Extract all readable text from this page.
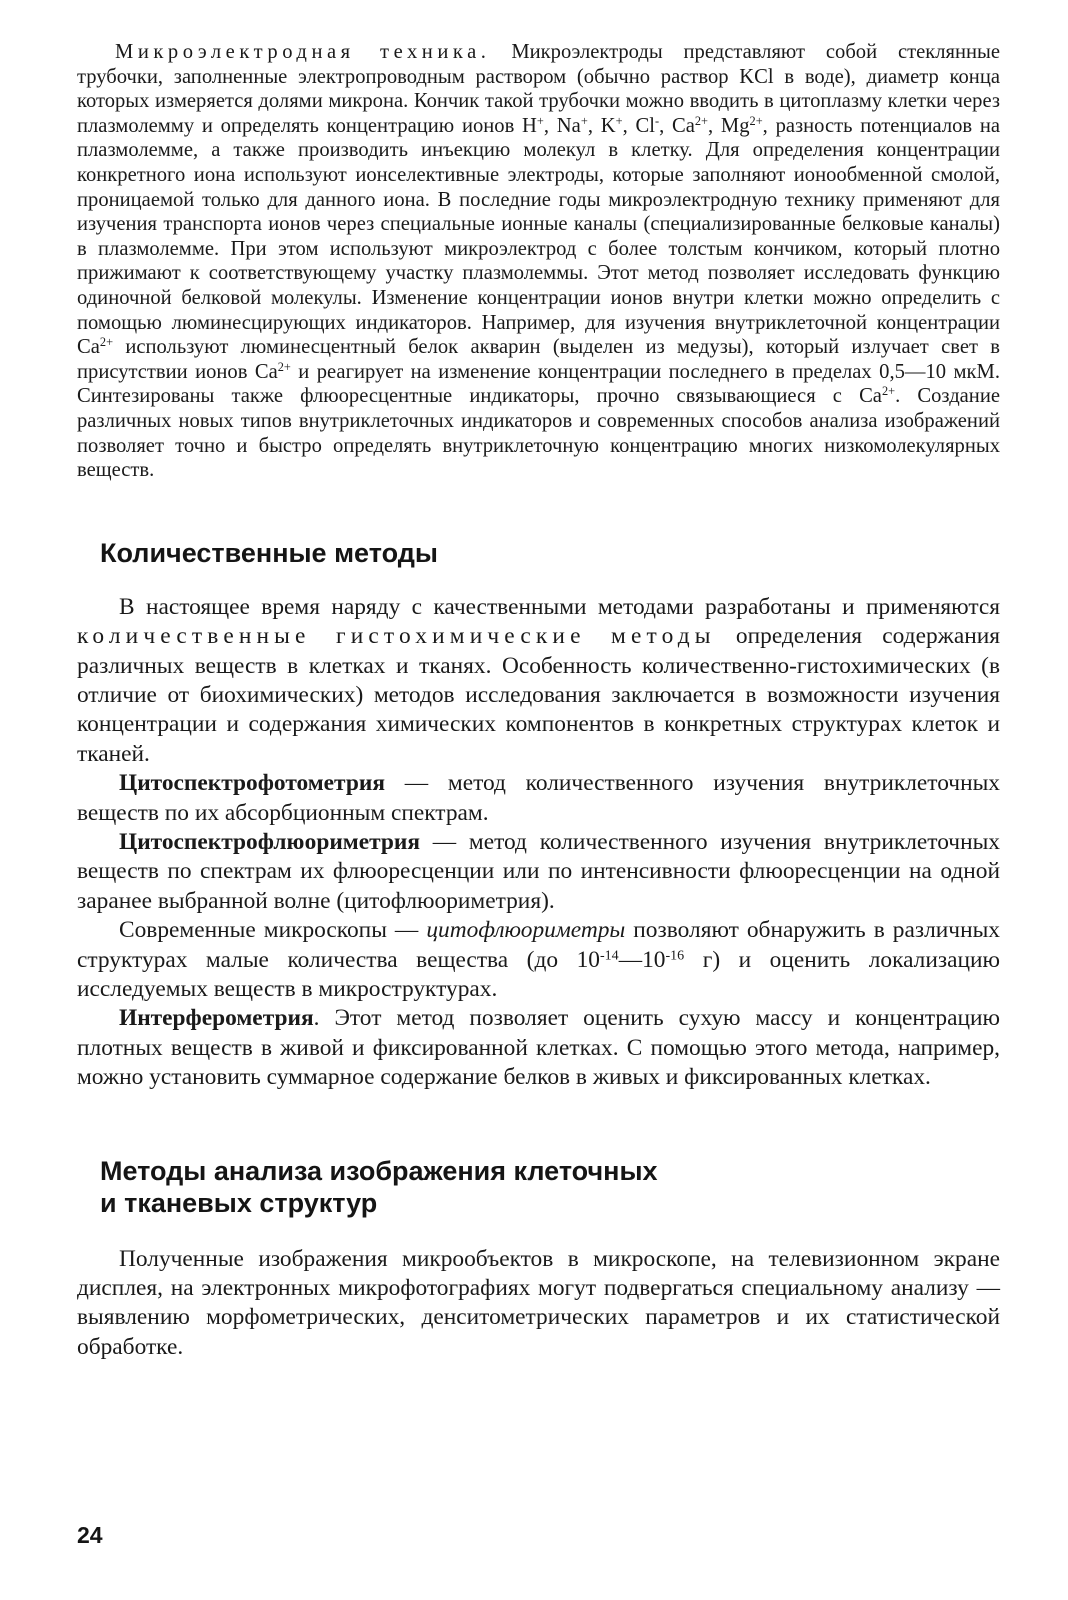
Микроэлектродная техника. Микроэлектроды представляют собой стеклянные трубочки, заполненные электропроводным раствором (обычно раствор KCl в воде), диаметр конца которых измеряется долями микрона. Кончик такой трубочки можно вводить в цитоплазму клетки через плазмолемму и определять концентрацию ионов H+, Na+, K+, Cl-, $Ca^{2+}$, $Mg^{2+}$, разность потенциалов на плазмолемме, а также производить инъекцию молекул в клетку. Для определения концентрации конкретного иона используют ионселективные электроды, которые заполняют ионообменной смолой, проницаемой только для данного иона. В последние годы микроэлектродную технику применяют для изучения транспорта ионов через специальные ионные каналы (специализированные белковые каналы) в плазмолемме. При этом используют микроэлектрод с более толстым кончиком, который плотно прижимают к соответствующему участку плазмолеммы. Этот метод позволяет исследовать функцию одиночной белковой молекулы. Изменение концентрации ионов внутри клетки можно определить с помощью люминесцирующих индикаторов. Например, для изучения внутриклеточной концентрации $Ca^{2+}$ используют люминесцентный белок акварин (выделен из медузы), который излучает свет в присутствии ионов $Ca^{2+}$ и реагирует на изменение концентрации последнего в пределах 0,5—10 мкМ. Синтезированы также флюоресцентные индикаторы, прочно связывающиеся с $Ca^{2+}$. Создание различных новых типов внутриклеточных индикаторов и современных способов анализа изображений позволяет точно и быстро определять внутриклеточную концентрацию многих низкомолекулярных веществ.

Количественные методы

В настоящее время наряду с качественными методами разработаны и применяются количественные гистохимические методы определения содержания различных веществ в клетках и тканях. Особенность количественно-гистохимических (в отличие от биохимических) методов исследования заключается в возможности изучения концентрации и содержания химических компонентов в конкретных структурах клеток и тканей.

Цитоспектрофотометрия — метод количественного изучения внутриклеточных веществ по их абсорбционным спектрам.

Цитоспектрофлюориметрия — метод количественного изучения внутриклеточных веществ по спектрам их флюоресценции или по интенсивности флюоресценции на одной заранее выбранной волне (цитофлюориметрия).

Современные микроскопы — цитофлюориметры позволяют обнаружить в различных структурах малые количества вещества (до $10^{-14}—10^{-16}$ г) и оценить локализацию исследуемых веществ в микроструктурах.

Интерферометрия. Этот метод позволяет оценить сухую массу и концентрацию плотных веществ в живой и фиксированной клетках. С помощью этого метода, например, можно установить суммарное содержание белков в живых и фиксированных клетках.

Методы анализа изображения клеточных
и тканевых структур

Полученные изображения микрообъектов в микроскопе, на телевизионном экране дисплея, на электронных микрофотографиях могут подвергаться специальному анализу — выявлению морфометрических, денситометрических параметров и их статистической обработке.

24
